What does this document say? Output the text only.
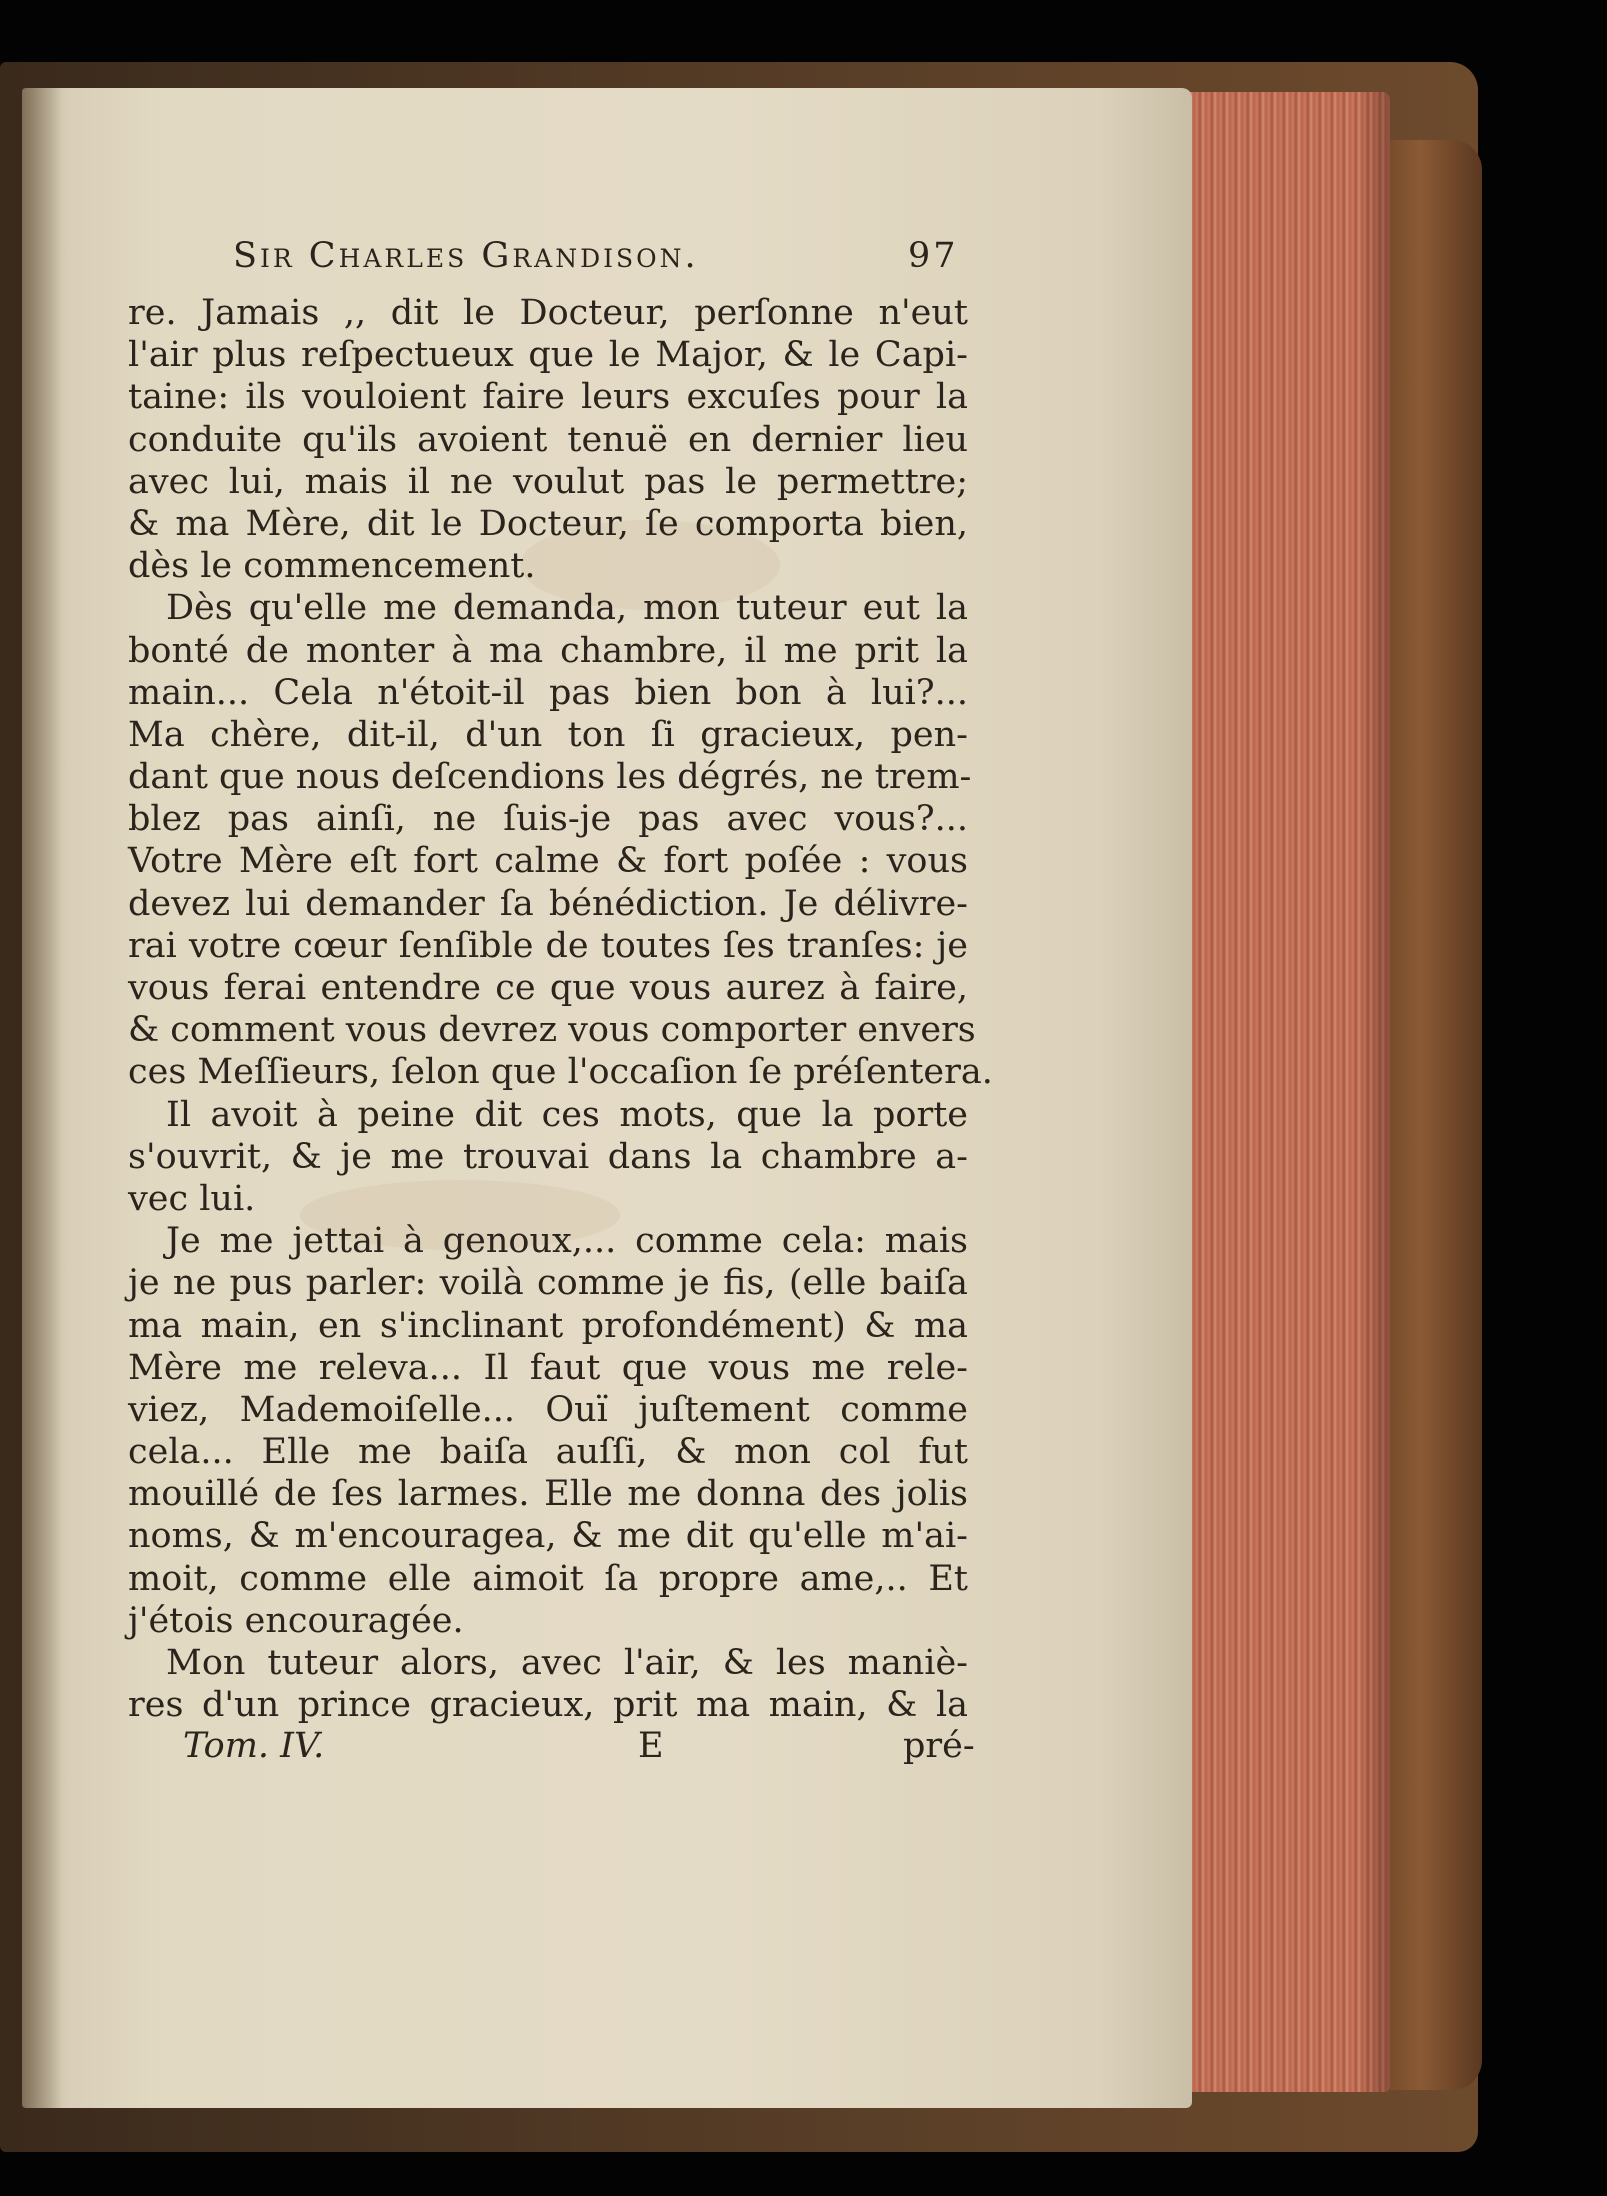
Sir Charles Grandison.	97
re. Jamais ,, dit le Docteur, perſonne n'eut
l'air plus reſpectueux que le Major, & le Capi-
taine: ils vouloient faire leurs excuſes pour la
conduite qu'ils avoient tenuë en dernier lieu
avec lui, mais il ne voulut pas le permettre;
& ma Mère, dit le Docteur, ſe comporta bien,
dès le commencement.
Dès qu'elle me demanda, mon tuteur eut la
bonté de monter à ma chambre, il me prit la
main... Cela n'étoit-il pas bien bon à lui?...
Ma chère, dit-il, d'un ton ſi gracieux, pen-
dant que nous deſcendions les dégrés, ne trem-
blez pas ainſi, ne ſuis-je pas avec vous?...
Votre Mère eſt fort calme & fort poſée : vous
devez lui demander ſa bénédiction. Je délivre-
rai votre cœur ſenſible de toutes ſes tranſes: je
vous ferai entendre ce que vous aurez à faire,
& comment vous devrez vous comporter envers
ces Meſſieurs, ſelon que l'occaſion ſe préſentera.
Il avoit à peine dit ces mots, que la porte
s'ouvrit, & je me trouvai dans la chambre a-
vec lui.
Je me jettai à genoux,... comme cela: mais
je ne pus parler: voilà comme je fis, (elle baiſa
ma main, en s'inclinant profondément) & ma
Mère me releva... Il faut que vous me rele-
viez, Mademoiſelle... Ouï juſtement comme
cela... Elle me baiſa auſſi, & mon col fut
mouillé de ſes larmes. Elle me donna des jolis
noms, & m'encouragea, & me dit qu'elle m'ai-
moit, comme elle aimoit ſa propre ame,.. Et
j'étois encouragée.
Mon tuteur alors, avec l'air, & les maniè-
res d'un prince gracieux, prit ma main, & la
Tom. IV.	E	pré-
